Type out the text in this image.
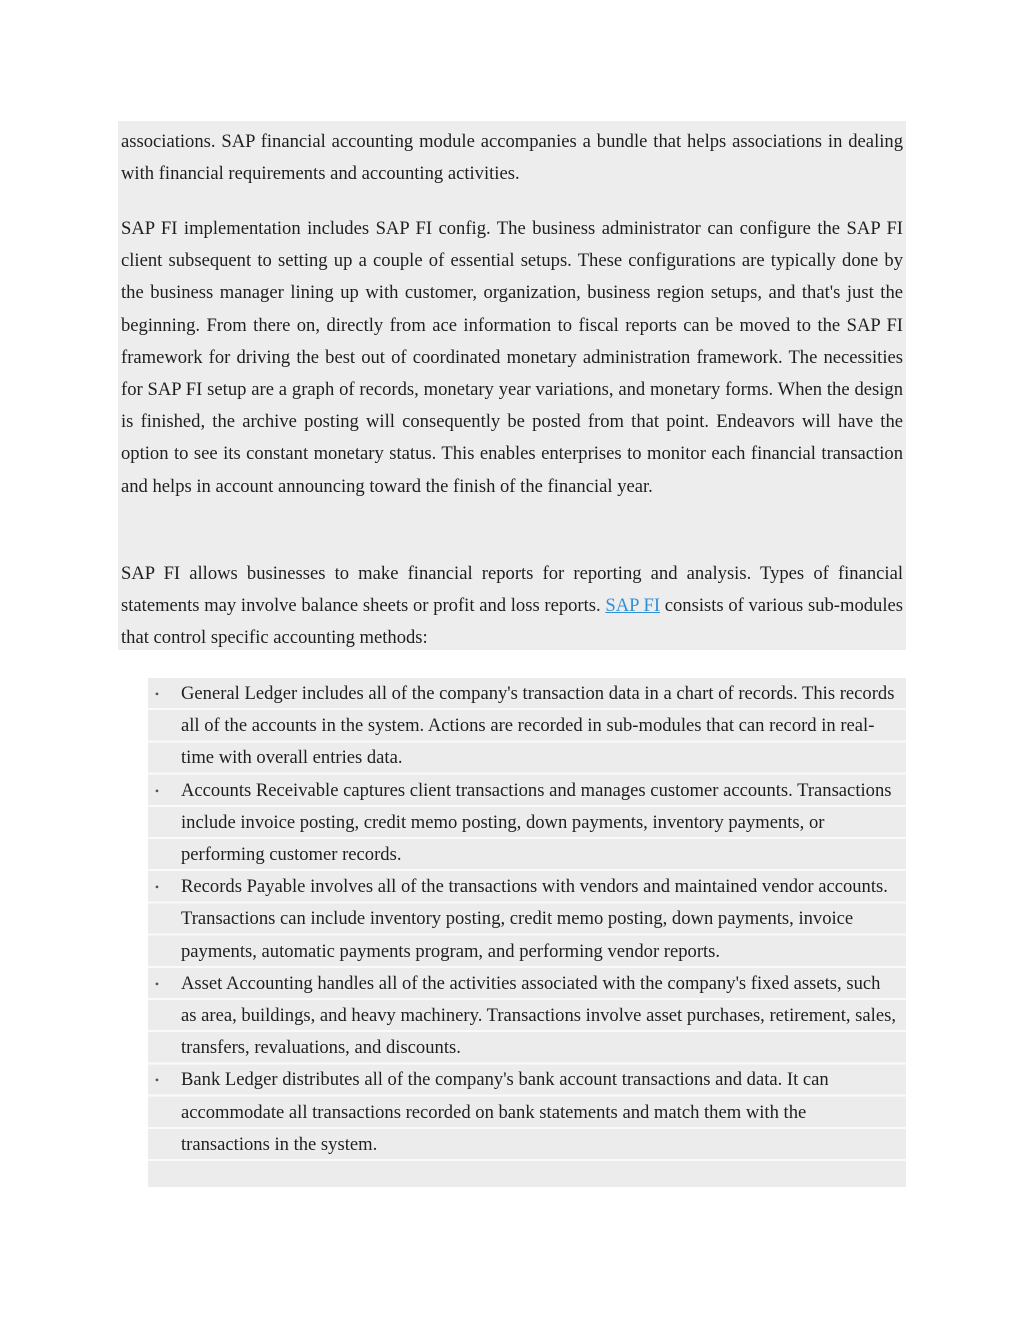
associations. SAP financial accounting module accompanies a bundle that helps associations in dealing with financial requirements and accounting activities.

SAP FI implementation includes SAP FI config. The business administrator can configure the SAP FI client subsequent to setting up a couple of essential setups. These configurations are typically done by the business manager lining up with customer, organization, business region setups, and that's just the beginning. From there on, directly from ace information to fiscal reports can be moved to the SAP FI framework for driving the best out of coordinated monetary administration framework. The necessities for SAP FI setup are a graph of records, monetary year variations, and monetary forms. When the design is finished, the archive posting will consequently be posted from that point. Endeavors will have the option to see its constant monetary status. This enables enterprises to monitor each financial transaction and helps in account announcing toward the finish of the financial year.

SAP FI allows businesses to make financial reports for reporting and analysis. Types of financial statements may involve balance sheets or profit and loss reports. SAP FI consists of various sub-modules that control specific accounting methods:

• General Ledger includes all of the company's transaction data in a chart of records. This records all of the accounts in the system. Actions are recorded in sub-modules that can record in real-time with overall entries data.
• Accounts Receivable captures client transactions and manages customer accounts. Transactions include invoice posting, credit memo posting, down payments, inventory payments, or performing customer records.
• Records Payable involves all of the transactions with vendors and maintained vendor accounts. Transactions can include inventory posting, credit memo posting, down payments, invoice payments, automatic payments program, and performing vendor reports.
• Asset Accounting handles all of the activities associated with the company's fixed assets, such as area, buildings, and heavy machinery. Transactions involve asset purchases, retirement, sales, transfers, revaluations, and discounts.
• Bank Ledger distributes all of the company's bank account transactions and data. It can accommodate all transactions recorded on bank statements and match them with the transactions in the system.
